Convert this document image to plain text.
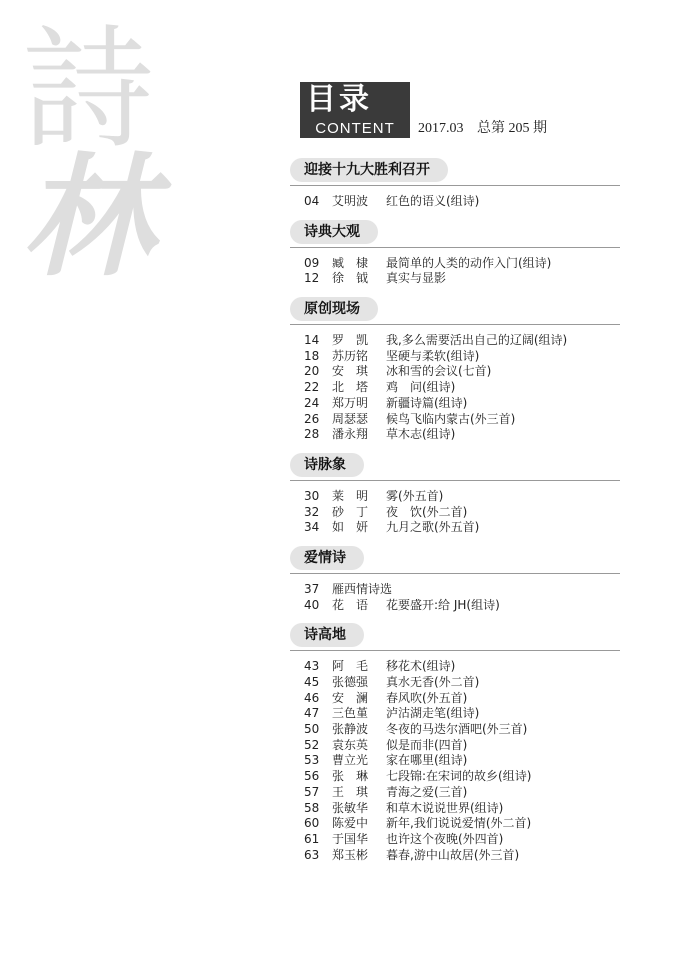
詩
林
目录
CONTENT	2017.03 总第 205 期
迎接十九大胜利召开
04	艾明波	红色的语义(组诗)
诗典大观
09	臧　棣	最简单的人类的动作入门(组诗)
12	徐　钺	真实与显影
原创现场
14	罗　凯	我,多么需要活出自己的辽阔(组诗)
18	苏历铭	坚硬与柔软(组诗)
20	安　琪	冰和雪的会议(七首)
22	北　塔	鸡　问(组诗)
24	郑万明	新疆诗篇(组诗)
26	周瑟瑟	候鸟飞临内蒙古(外三首)
28	潘永翔	草木志(组诗)
诗脉象
30	莱　明	雾(外五首)
32	砂　丁	夜　饮(外二首)
34	如　妍	九月之歌(外五首)
爱情诗
37	雁西情诗选
40	花　语	花要盛开:给 JH(组诗)
诗高地
43	阿　毛	移花术(组诗)
45	张德强	真水无香(外二首)
46	安　澜	春风吹(外五首)
47	三色堇	泸沽湖走笔(组诗)
50	张静波	冬夜的马迭尔酒吧(外三首)
52	袁东英	似是而非(四首)
53	曹立光	家在哪里(组诗)
56	张　琳	七段锦:在宋词的故乡(组诗)
57	王　琪	青海之爱(三首)
58	张敏华	和草木说说世界(组诗)
60	陈爱中	新年,我们说说爱情(外二首)
61	于国华	也许这个夜晚(外四首)
63	郑玉彬	暮春,游中山故居(外三首)
